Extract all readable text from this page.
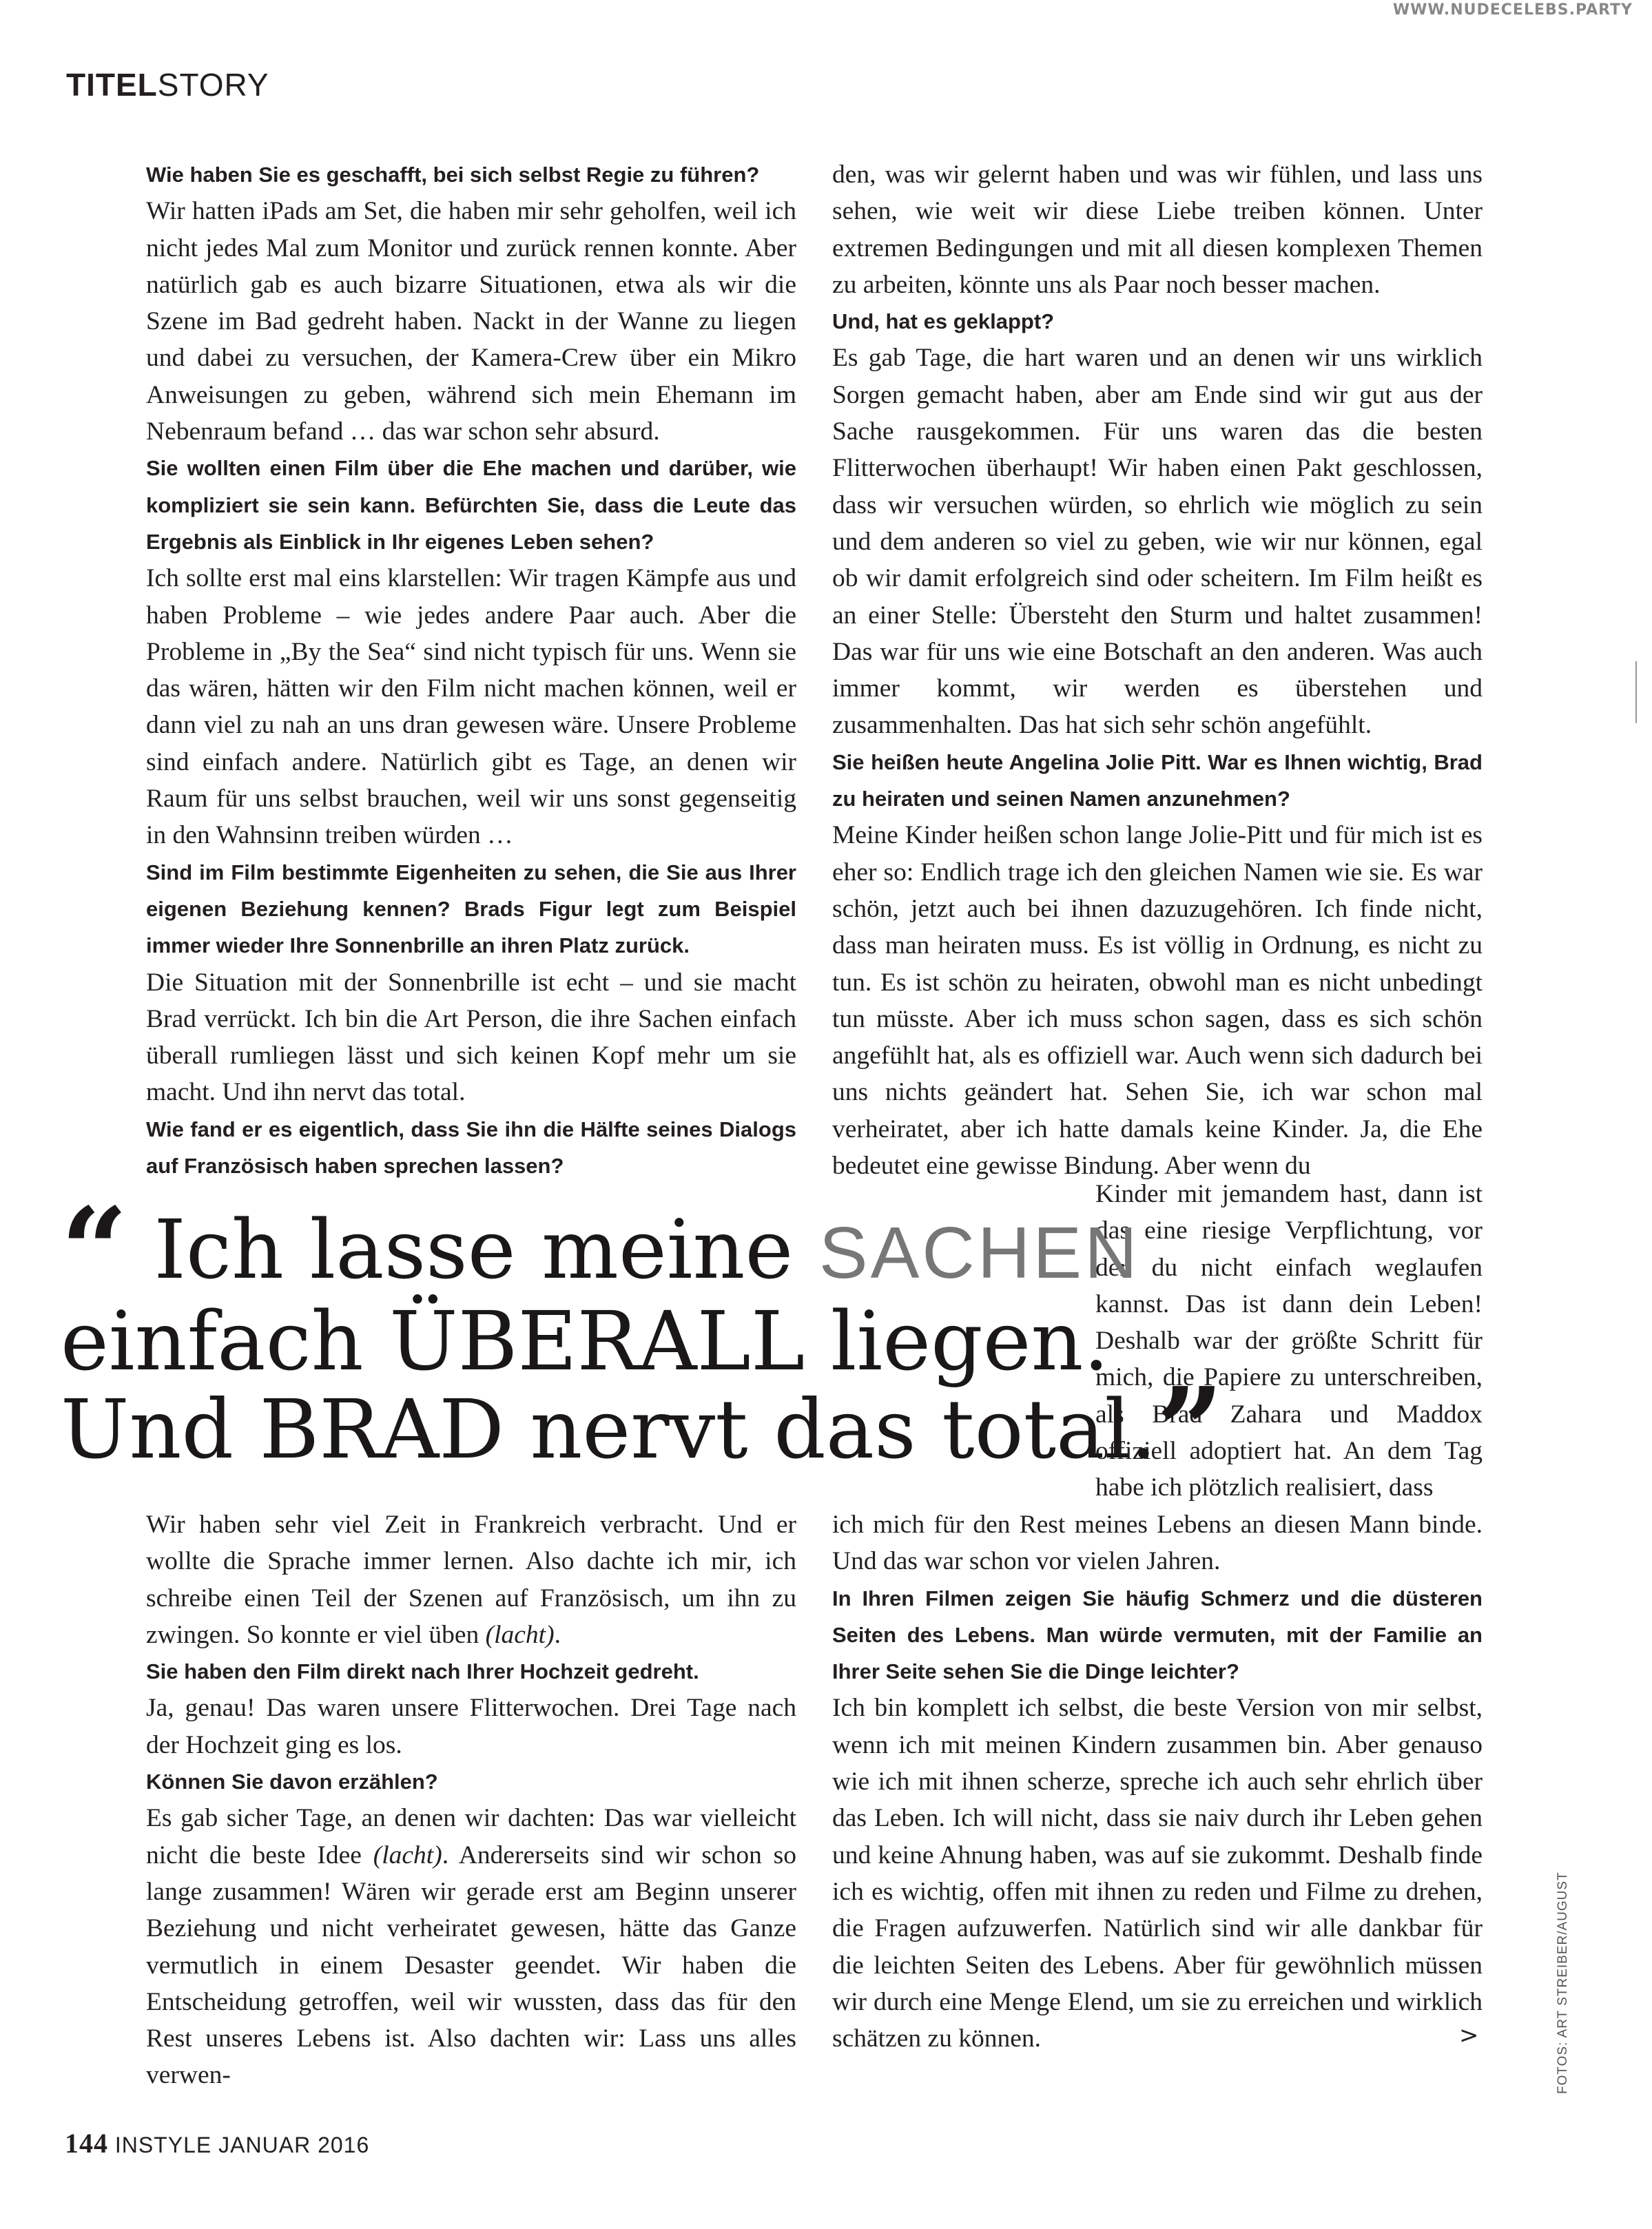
WWW.NUDECELEBS.PARTY
TITELSTORY

Wie haben Sie es geschafft, bei sich selbst Regie zu führen?

Wir hatten iPads am Set, die haben mir sehr geholfen, weil ich nicht jedes Mal zum Monitor und zurück rennen konnte. Aber natürlich gab es auch bizarre Situationen, etwa als wir die Szene im Bad gedreht haben. Nackt in der Wanne zu liegen und dabei zu versuchen, der Kamera-Crew über ein Mikro Anweisungen zu geben, während sich mein Ehemann im Nebenraum befand … das war schon sehr absurd.

Sie wollten einen Film über die Ehe machen und darüber, wie kompliziert sie sein kann. Befürchten Sie, dass die Leute das Ergebnis als Einblick in Ihr eigenes Leben sehen?

Ich sollte erst mal eins klarstellen: Wir tragen Kämpfe aus und haben Probleme – wie jedes andere Paar auch. Aber die Probleme in „By the Sea“ sind nicht typisch für uns. Wenn sie das wären, hätten wir den Film nicht machen können, weil er dann viel zu nah an uns dran gewesen wäre. Unsere Probleme sind einfach andere. Natürlich gibt es Tage, an denen wir Raum für uns selbst brauchen, weil wir uns sonst gegenseitig in den Wahnsinn treiben würden …

Sind im Film bestimmte Eigenheiten zu sehen, die Sie aus Ihrer eigenen Beziehung kennen? Brads Figur legt zum Beispiel immer wieder Ihre Sonnenbrille an ihren Platz zurück.

Die Situation mit der Sonnenbrille ist echt – und sie macht Brad verrückt. Ich bin die Art Person, die ihre Sachen einfach überall rumliegen lässt und sich keinen Kopf mehr um sie macht. Und ihn nervt das total.

Wie fand er es eigentlich, dass Sie ihn die Hälfte seines Dialogs auf Französisch haben sprechen lassen?

den, was wir gelernt haben und was wir fühlen, und lass uns sehen, wie weit wir diese Liebe treiben können. Unter extremen Bedingungen und mit all diesen komplexen Themen zu arbeiten, könnte uns als Paar noch besser machen.

Und, hat es geklappt?

Es gab Tage, die hart waren und an denen wir uns wirklich Sorgen gemacht haben, aber am Ende sind wir gut aus der Sache rausgekommen. Für uns waren das die besten Flitterwochen überhaupt! Wir haben einen Pakt geschlossen, dass wir versuchen würden, so ehrlich wie möglich zu sein und dem anderen so viel zu geben, wie wir nur können, egal ob wir damit erfolgreich sind oder scheitern. Im Film heißt es an einer Stelle: Übersteht den Sturm und haltet zusammen! Das war für uns wie eine Botschaft an den anderen. Was auch immer kommt, wir werden es überstehen und zusammenhalten. Das hat sich sehr schön angefühlt.

Sie heißen heute Angelina Jolie Pitt. War es Ihnen wichtig, Brad zu heiraten und seinen Namen anzunehmen?

Meine Kinder heißen schon lange Jolie-Pitt und für mich ist es eher so: Endlich trage ich den gleichen Namen wie sie. Es war schön, jetzt auch bei ihnen dazuzugehören. Ich finde nicht, dass man heiraten muss. Es ist völlig in Ordnung, es nicht zu tun. Es ist schön zu heiraten, obwohl man es nicht unbedingt tun müsste. Aber ich muss schon sagen, dass es sich schön angefühlt hat, als es offiziell war. Auch wenn sich dadurch bei uns nichts geändert hat. Sehen Sie, ich war schon mal verheiratet, aber ich hatte damals keine Kinder. Ja, die Ehe bedeutet eine gewisse Bindung. Aber wenn du

Kinder mit jemandem hast, dann ist das eine riesige Verpflichtung, vor der du nicht einfach weglaufen kannst. Das ist dann dein Leben! Deshalb war der größte Schritt für mich, die Papiere zu unterschreiben, als Brad Zahara und Maddox offiziell adoptiert hat. An dem Tag habe ich plötzlich realisiert, dass

“ Ich lasse meine SACHEN
einfach ÜBERALL liegen.
Und BRAD nervt das total.”

Wir haben sehr viel Zeit in Frankreich verbracht. Und er wollte die Sprache immer lernen. Also dachte ich mir, ich schreibe einen Teil der Szenen auf Französisch, um ihn zu zwingen. So konnte er viel üben (lacht).

Sie haben den Film direkt nach Ihrer Hochzeit gedreht.

Ja, genau! Das waren unsere Flitterwochen. Drei Tage nach der Hochzeit ging es los.

Können Sie davon erzählen?

Es gab sicher Tage, an denen wir dachten: Das war vielleicht nicht die beste Idee (lacht). Andererseits sind wir schon so lange zusammen! Wären wir gerade erst am Beginn unserer Beziehung und nicht verheiratet gewesen, hätte das Ganze vermutlich in einem Desaster geendet. Wir haben die Entscheidung getroffen, weil wir wussten, dass das für den Rest unseres Lebens ist. Also dachten wir: Lass uns alles verwen-

ich mich für den Rest meines Lebens an diesen Mann binde. Und das war schon vor vielen Jahren.

In Ihren Filmen zeigen Sie häufig Schmerz und die düsteren Seiten des Lebens. Man würde vermuten, mit der Familie an Ihrer Seite sehen Sie die Dinge leichter?

Ich bin komplett ich selbst, die beste Version von mir selbst, wenn ich mit meinen Kindern zusammen bin. Aber genauso wie ich mit ihnen scherze, spreche ich auch sehr ehrlich über das Leben. Ich will nicht, dass sie naiv durch ihr Leben gehen und keine Ahnung haben, was auf sie zukommt. Deshalb finde ich es wichtig, offen mit ihnen zu reden und Filme zu drehen, die Fragen aufzuwerfen. Natürlich sind wir alle dankbar für die leichten Seiten des Lebens. Aber für gewöhnlich müssen wir durch eine Menge Elend, um sie zu erreichen und wirklich schätzen zu können.	>	FOTOS: ART STREIBER/AUGUST
144 INSTYLE JANUAR 2016
